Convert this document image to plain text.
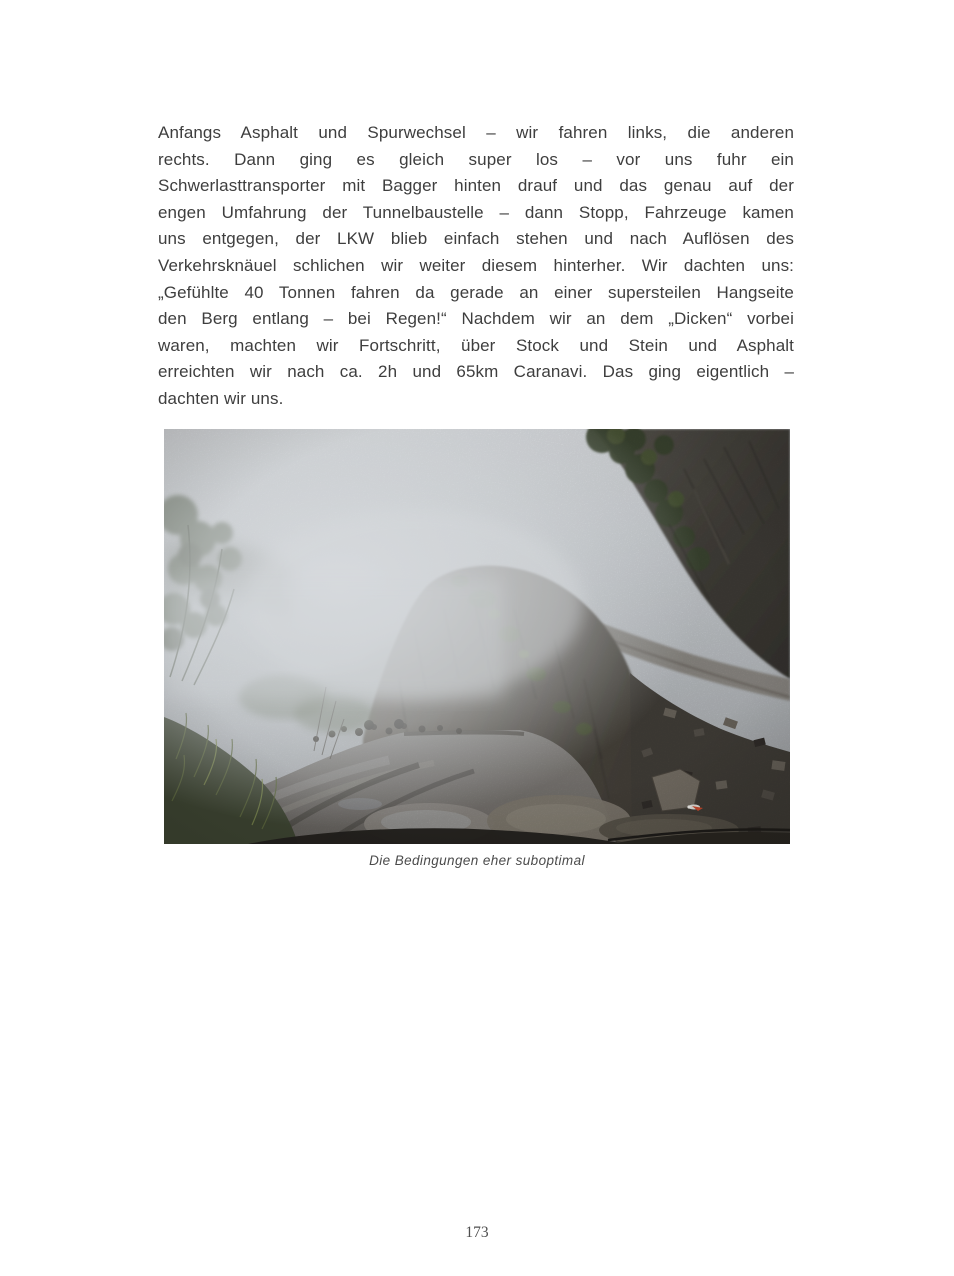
Anfangs Asphalt und Spurwechsel – wir fahren links, die anderen
rechts. Dann ging es gleich super los – vor uns fuhr ein
Schwerlasttransporter mit Bagger hinten drauf und das genau auf der
engen Umfahrung der Tunnelbaustelle – dann Stopp, Fahrzeuge kamen
uns entgegen, der LKW blieb einfach stehen und nach Auflösen des
Verkehrsknäuel schlichen wir weiter diesem hinterher. Wir dachten uns:
„Gefühlte 40 Tonnen fahren da gerade an einer supersteilen Hangseite
den Berg entlang – bei Regen!“ Nachdem wir an dem „Dicken“ vorbei
waren, machten wir Fortschritt, über Stock und Stein und Asphalt
erreichten wir nach ca. 2h und 65km Caranavi. Das ging eigentlich –
dachten wir uns.
Die Bedingungen eher suboptimal
173
